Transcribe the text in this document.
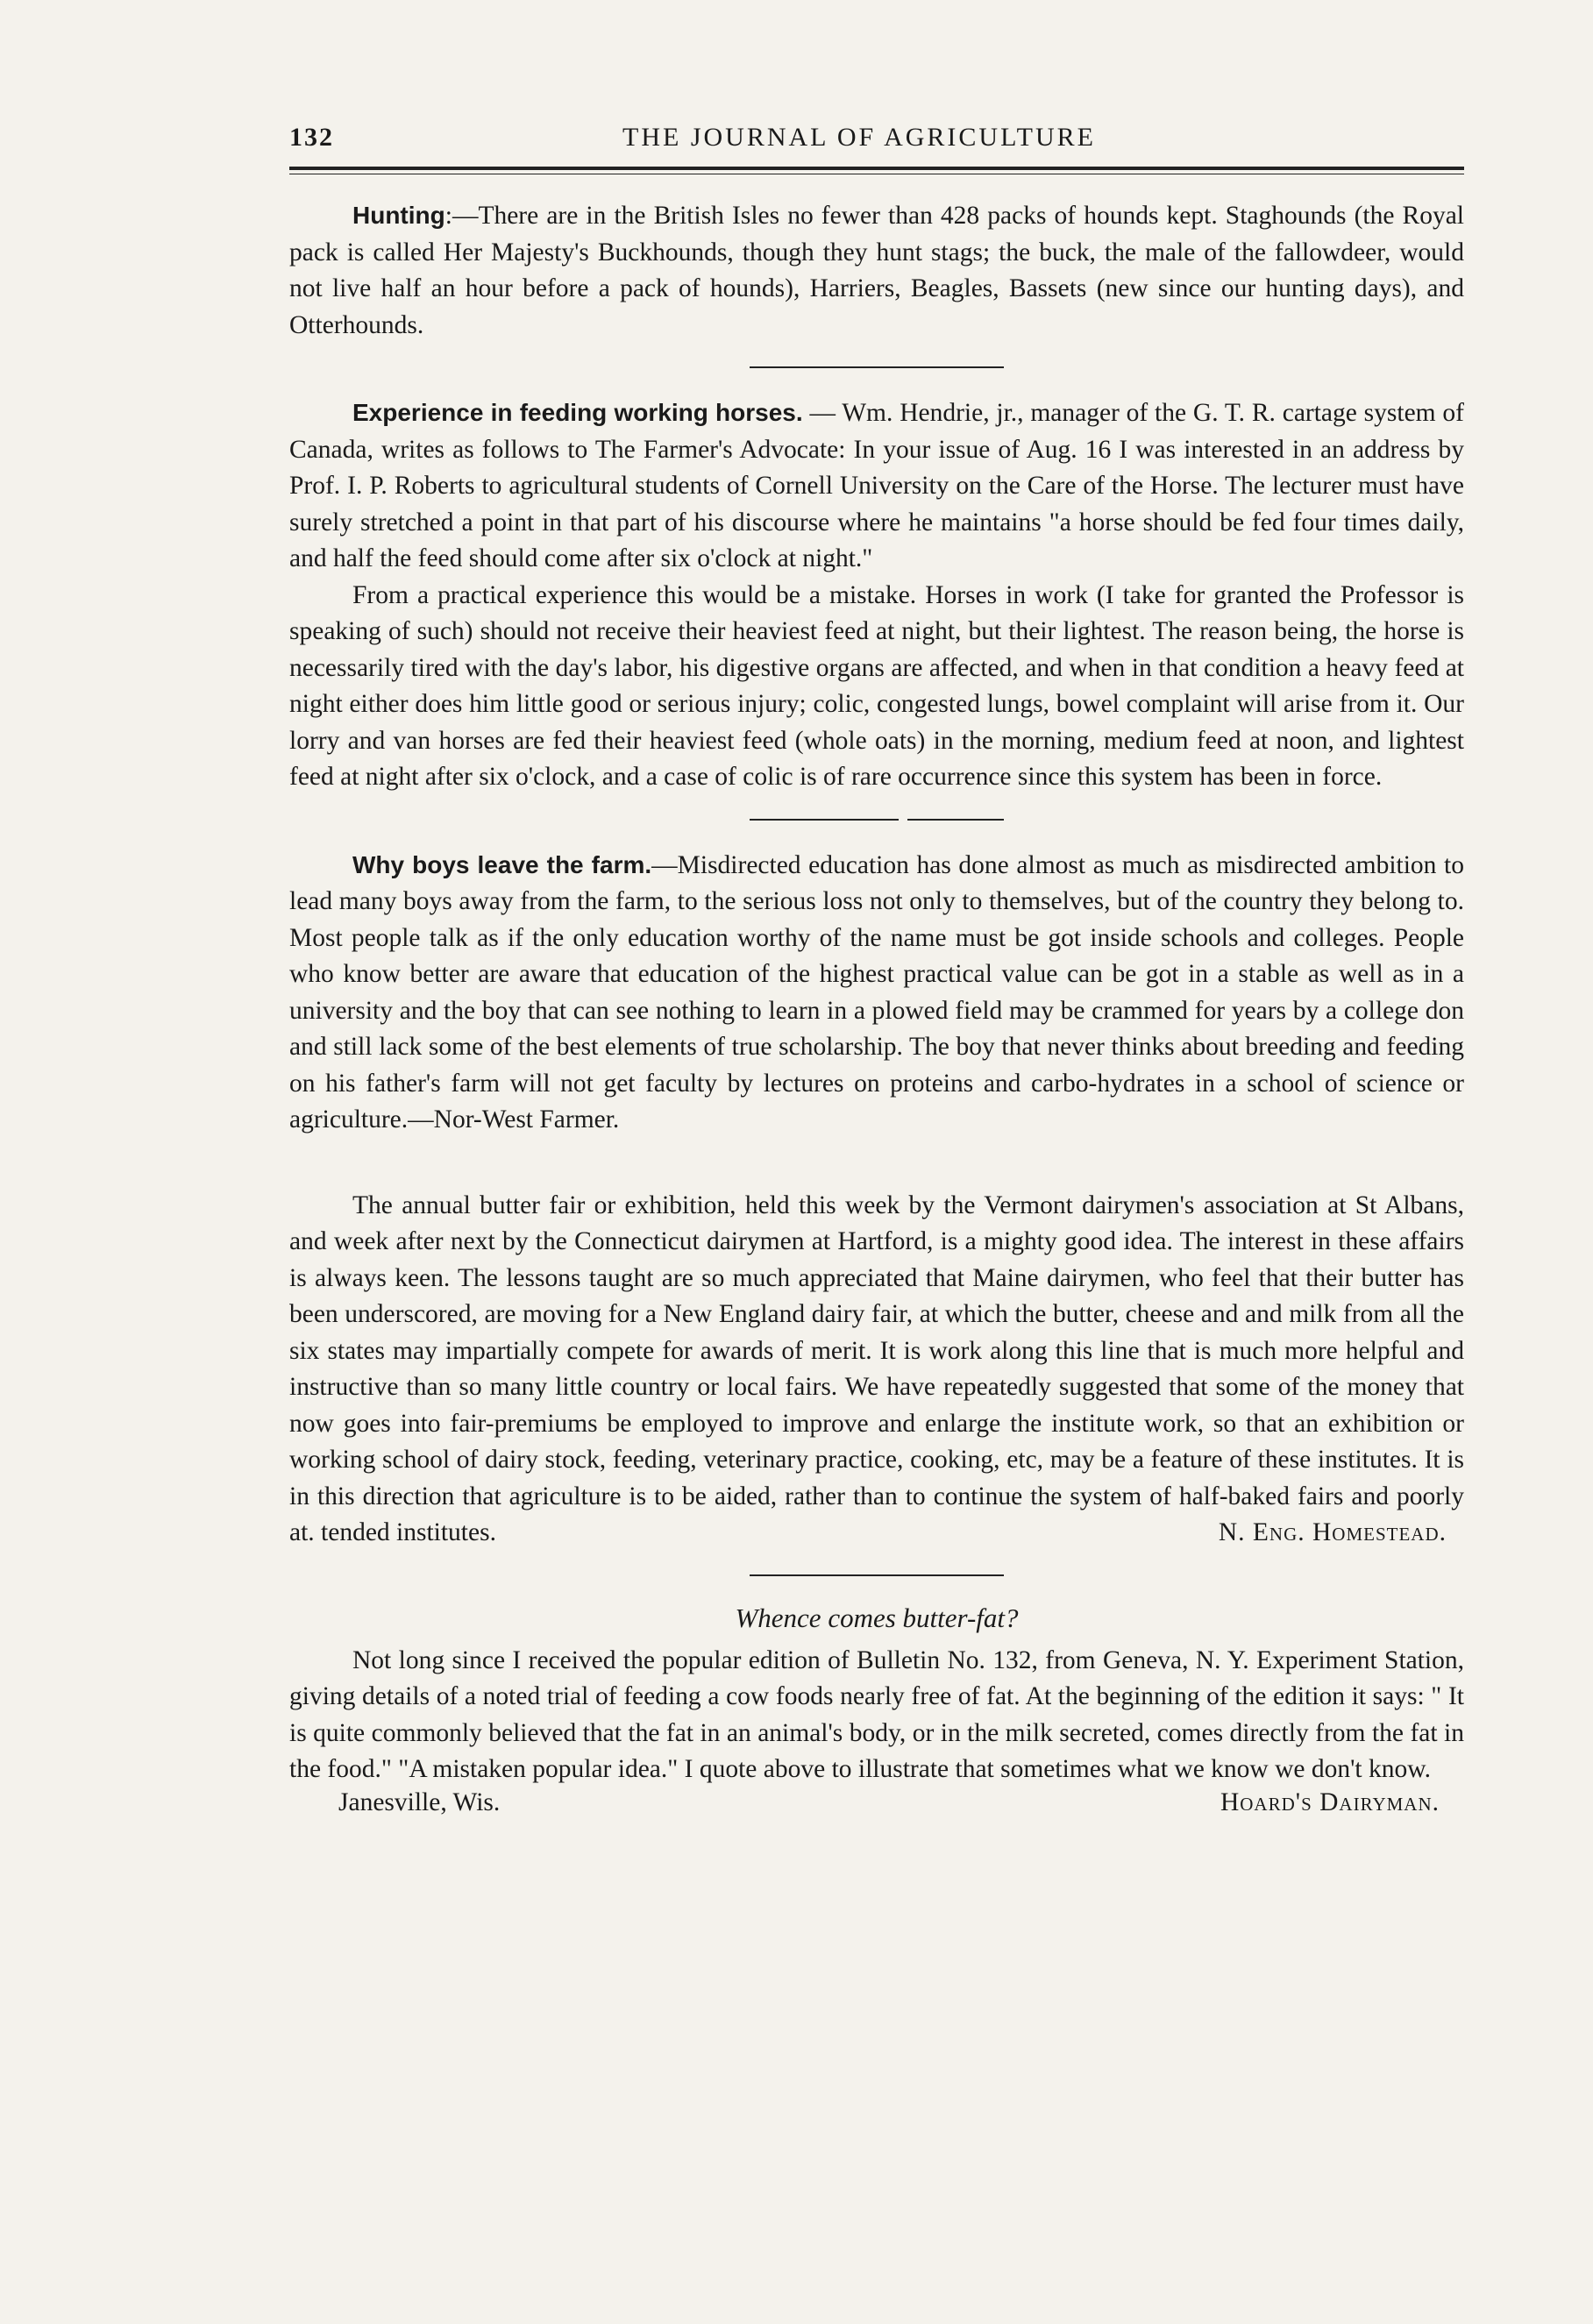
132	THE JOURNAL OF AGRICULTURE

Hunting:—There are in the British Isles no fewer than 428 packs of hounds kept. Staghounds (the Royal pack is called Her Majesty's Buckhounds, though they hunt stags; the buck, the male of the fallowdeer, would not live half an hour before a pack of hounds), Harriers, Beagles, Bassets (new since our hunting days), and Otterhounds.

Experience in feeding working horses. — Wm. Hendrie, jr., manager of the G. T. R. cartage system of Canada, writes as follows to The Farmer's Advocate: In your issue of Aug. 16 I was interested in an address by Prof. I. P. Roberts to agricultural students of Cornell University on the Care of the Horse. The lecturer must have surely stretched a point in that part of his discourse where he maintains "a horse should be fed four times daily, and half the feed should come after six o'clock at night."

From a practical experience this would be a mistake. Horses in work (I take for granted the Professor is speaking of such) should not receive their heaviest feed at night, but their lightest. The reason being, the horse is necessarily tired with the day's labor, his digestive organs are affected, and when in that condition a heavy feed at night either does him little good or serious injury; colic, congested lungs, bowel complaint will arise from it. Our lorry and van horses are fed their heaviest feed (whole oats) in the morning, medium feed at noon, and lightest feed at night after six o'clock, and a case of colic is of rare occurrence since this system has been in force.

Why boys leave the farm.—Misdirected education has done almost as much as misdirected ambition to lead many boys away from the farm, to the serious loss not only to themselves, but of the country they belong to. Most people talk as if the only education worthy of the name must be got inside schools and colleges. People who know better are aware that education of the highest practical value can be got in a stable as well as in a university and the boy that can see nothing to learn in a plowed field may be crammed for years by a college don and still lack some of the best elements of true scholarship. The boy that never thinks about breeding and feeding on his father's farm will not get faculty by lectures on proteins and carbo-hydrates in a school of science or agriculture.—Nor-West Farmer.

The annual butter fair or exhibition, held this week by the Vermont dairymen's association at St Albans, and week after next by the Connecticut dairymen at Hartford, is a mighty good idea. The interest in these affairs is always keen. The lessons taught are so much appreciated that Maine dairymen, who feel that their butter has been underscored, are moving for a New England dairy fair, at which the butter, cheese and and milk from all the six states may impartially compete for awards of merit. It is work along this line that is much more helpful and instructive than so many little country or local fairs. We have repeatedly suggested that some of the money that now goes into fair-premiums be employed to improve and enlarge the institute work, so that an exhibition or working school of dairy stock, feeding, veterinary practice, cooking, etc, may be a feature of these institutes. It is in this direction that agriculture is to be aided, rather than to continue the system of half-baked fairs and poorly at. tended institutes.	N. Eng. Homestead.

Whence comes butter-fat?

Not long since I received the popular edition of Bulletin No. 132, from Geneva, N. Y. Experiment Station, giving details of a noted trial of feeding a cow foods nearly free of fat. At the beginning of the edition it says: " It is quite commonly believed that the fat in an animal's body, or in the milk secreted, comes directly from the fat in the food." "A mistaken popular idea." I quote above to illustrate that sometimes what we know we don't know.

Janesville, Wis.	Hoard's Dairyman.
